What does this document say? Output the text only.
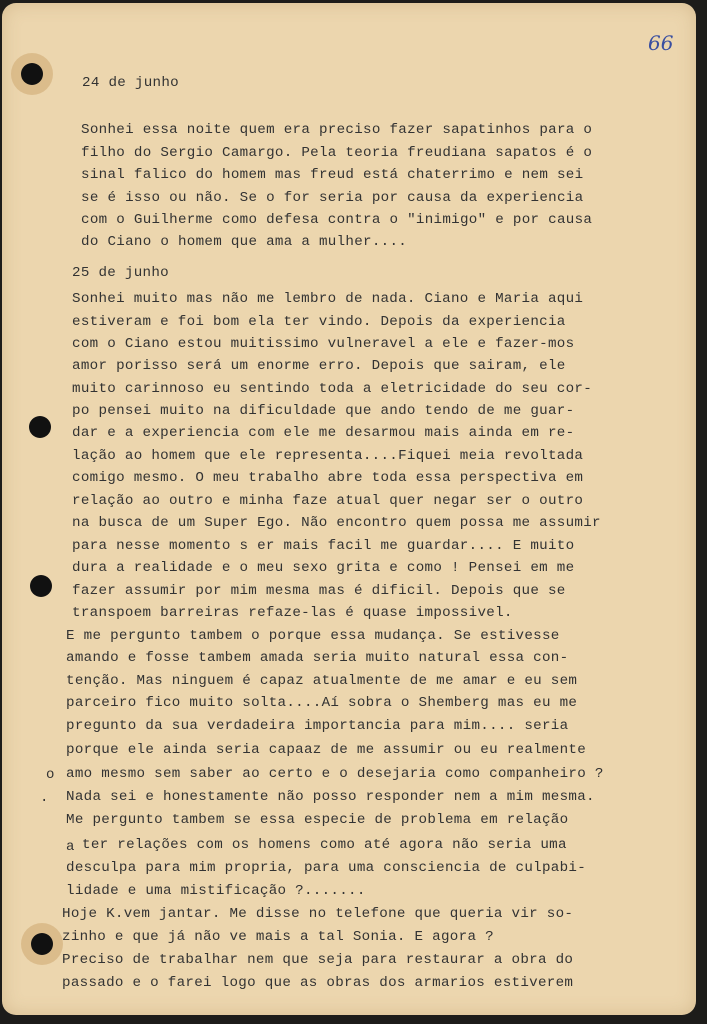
66
24 de junho
Sonhei essa noite quem era preciso fazer sapatinhos para o
filho do Sergio Camargo. Pela teoria freudiana sapatos é o
sinal falico do homem mas freud está chaterrimo e nem sei
se é isso ou não. Se o for seria por causa da experiencia
com o Guilherme como defesa contra o "inimigo" e por causa
do Ciano o homem que ama a mulher....
25 de junho
Sonhei muito mas não me lembro de nada. Ciano e Maria aqui
estiveram e foi bom ela ter vindo. Depois da experiencia
com o Ciano estou muitissimo vulneravel a ele e fazer-mos
amor porisso será um enorme erro. Depois que sairam, ele
muito carinnoso eu sentindo toda a eletricidade do seu cor-
po pensei muito na dificuldade que ando tendo de me guar-
dar e a experiencia com ele me desarmou mais ainda em re-
lação ao homem que ele representa....Fiquei meia revoltada
comigo mesmo. O meu trabalho abre toda essa perspectiva em
relação ao outro e minha faze atual quer negar ser o outro
na busca de um Super Ego. Não encontro quem possa me assumir
para nesse momento s er mais facil me guardar.... E muito
dura a realidade e o meu sexo grita e como ! Pensei em me
fazer assumir por mim mesma mas é dificil. Depois que se
transpoem barreiras refaze-las é quase impossivel.
E me pergunto tambem o porque essa mudança. Se estivesse
amando e fosse tambem amada seria muito natural essa con-
tenção. Mas ninguem é capaz atualmente de me amar e eu sem
parceiro fico muito solta....Aí sobra o Shemberg mas eu me
pregunto da sua verdadeira importancia para mim.... seria
porque ele ainda seria capaaz de me assumir ou eu realmente
amo mesmo sem saber ao certo e o desejaria como companheiro ?
Nada sei e honestamente não posso responder nem a mim mesma.
Me pergunto tambem se essa especie de problema em relação
ter relações com os homens como até agora não seria uma
desculpa para mim propria, para uma consciencia de culpabi-
lidade e uma mistificação ?.......
Hoje K.vem jantar. Me disse no telefone que queria vir so-
zinho e que já não ve mais a tal Sonia. E agora ?
Preciso de trabalhar nem que seja para restaurar a obra do
passado e o farei logo que as obras dos armarios estiverem
o
.
a
